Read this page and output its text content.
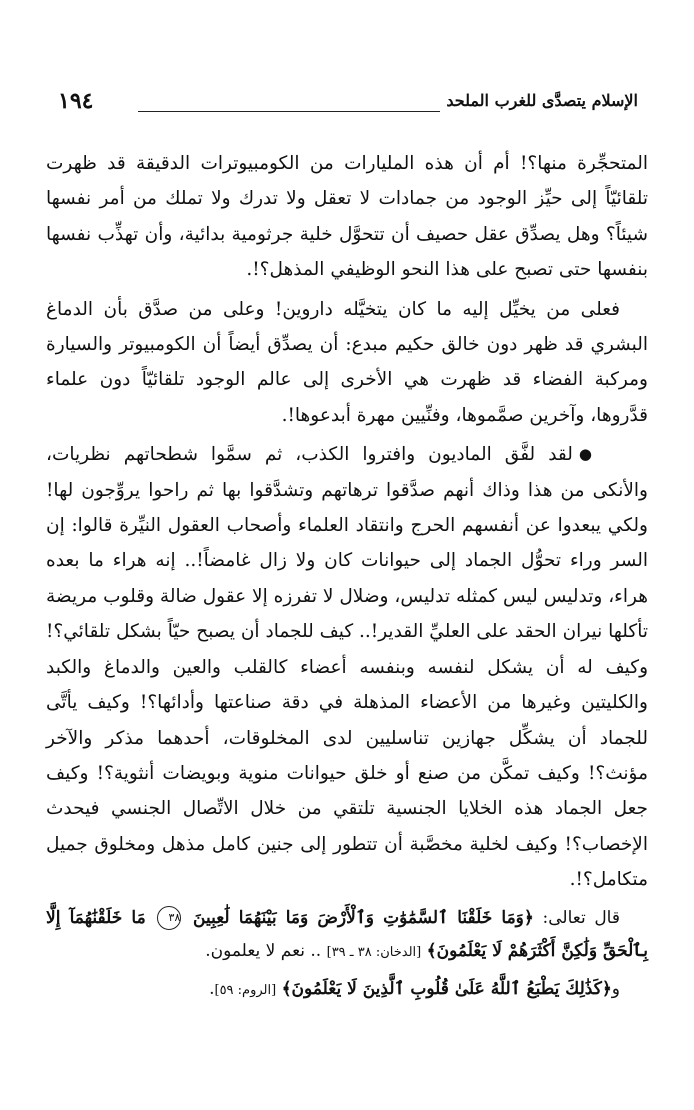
١٩٤	الإسلام يتصدَّى للغرب الملحد

المتحجِّرة منها؟! أم أن هذه المليارات من الكومبيوترات الدقيقة قد ظهرت تلقائيّاً إلى حيِّز الوجود من جمادات لا تعقل ولا تدرك ولا تملك من أمر نفسها شيئاً؟ وهل يصدِّق عقل حصيف أن تتحوَّل خلية جرثومية بدائية، وأن تهذِّب نفسها بنفسها حتى تصبح على هذا النحو الوظيفي المذهل؟!.

فعلى من يخيِّل إليه ما كان يتخيَّله داروين! وعلى من صدَّق بأن الدماغ البشري قد ظهر دون خالق حكيم مبدع: أن يصدِّق أيضاً أن الكومبيوتر والسيارة ومركبة الفضاء قد ظهرت هي الأخرى إلى عالم الوجود تلقائيّاً دون علماء قدَّروها، وآخرين صمَّموها، وفنِّيين مهرة أبدعوها!.

●لقد لفَّق الماديون وافتروا الكذب، ثم سمَّوا شطحاتهم نظريات، والأنكى من هذا وذاك أنهم صدَّقوا ترهاتهم وتشدَّقوا بها ثم راحوا يروِّجون لها! ولكي يبعدوا عن أنفسهم الحرج وانتقاد العلماء وأصحاب العقول النيِّرة قالوا: إن السر وراء تحوُّل الجماد إلى حيوانات كان ولا زال غامضاً!.. إنه هراء ما بعده هراء، وتدليس ليس كمثله تدليس، وضلال لا تفرزه إلا عقول ضالة وقلوب مريضة تأكلها نيران الحقد على العليِّ القدير!.. كيف للجماد أن يصبح حيّاً بشكل تلقائي؟! وكيف له أن يشكل لنفسه وبنفسه أعضاء كالقلب والعين والدماغ والكبد والكليتين وغيرها من الأعضاء المذهلة في دقة صناعتها وأدائها؟! وكيف يأتَّى للجماد أن يشكِّل جهازين تناسليين لدى المخلوقات، أحدهما مذكر والآخر مؤنث؟! وكيف تمكَّن من صنع أو خلق حيوانات منوية وبويضات أنثوية؟! وكيف جعل الجماد هذه الخلايا الجنسية تلتقي من خلال الاتِّصال الجنسي فيحدث الإخصاب؟! وكيف لخلية مخصَّبة أن تتطور إلى جنين كامل مذهل ومخلوق جميل متكامل؟!.

قال تعالى: ﴿وَمَا خَلَقْنَا ٱلسَّمَٰوَٰتِ وَٱلْأَرْضَ وَمَا بَيْنَهُمَا لَٰعِبِينَ ٣٨ مَا خَلَقْنَٰهُمَآ إِلَّا بِٱلْحَقِّ وَلَٰكِنَّ أَكْثَرَهُمْ لَا يَعْلَمُونَ﴾ [الدخان: ٣٨ ـ ٣٩] .. نعم لا يعلمون.

و﴿كَذَٰلِكَ يَطْبَعُ ٱللَّهُ عَلَىٰ قُلُوبِ ٱلَّذِينَ لَا يَعْلَمُونَ﴾ [الروم: ٥٩].
